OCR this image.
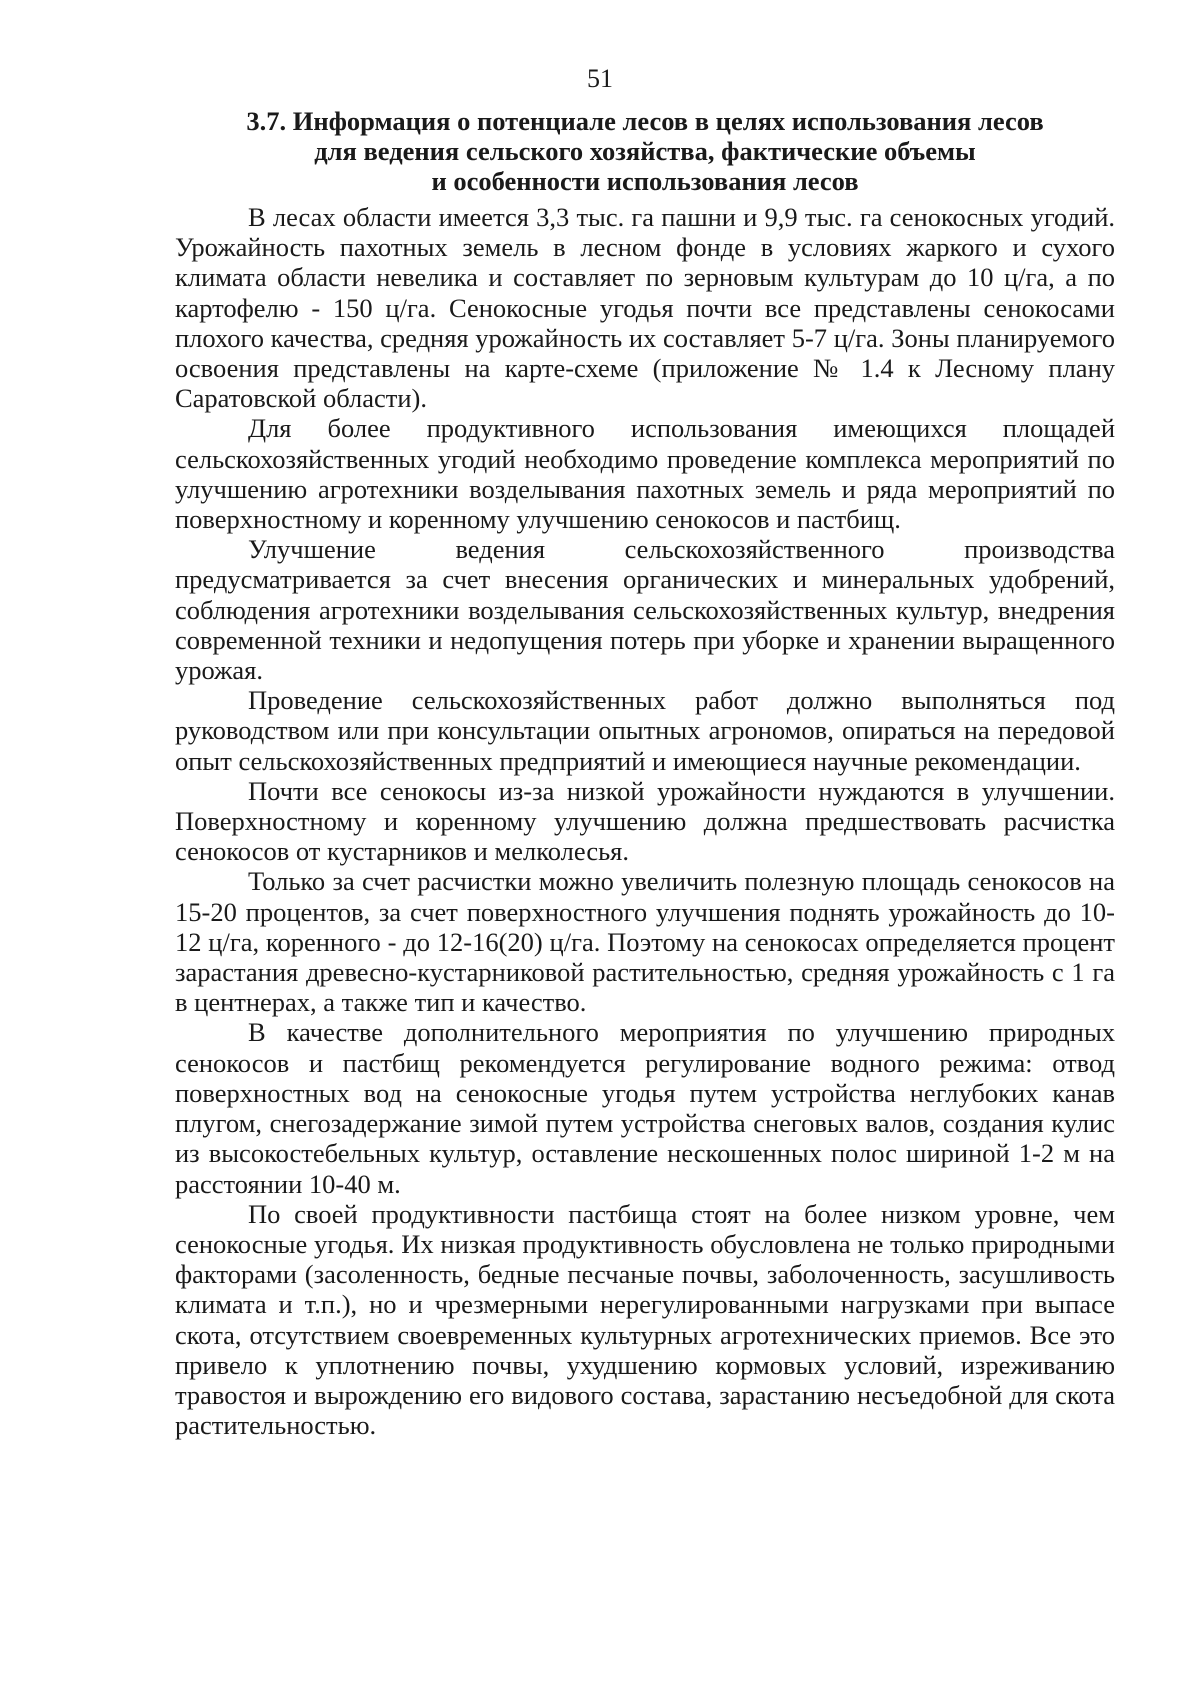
51
3.7. Информация о потенциале лесов в целях использования лесов
для ведения сельского хозяйства, фактические объемы
и особенности использования лесов

В лесах области имеется 3,3 тыс. га пашни и 9,9 тыс. га сенокосных угодий. Урожайность пахотных земель в лесном фонде в условиях жаркого и сухого климата области невелика и составляет по зерновым культурам до 10 ц/га, а по картофелю - 150 ц/га. Сенокосные угодья почти все представлены сенокосами плохого качества, средняя урожайность их составляет 5-7 ц/га. Зоны планируемого освоения представлены на карте-схеме (приложение № 1.4 к Лесному плану Саратовской области).

Для более продуктивного использования имеющихся площадей сельскохозяйственных угодий необходимо проведение комплекса мероприятий по улучшению агротехники возделывания пахотных земель и ряда мероприятий по поверхностному и коренному улучшению сенокосов и пастбищ.

Улучшение ведения сельскохозяйственного производства предусматривается за счет внесения органических и минеральных удобрений, соблюдения агротехники возделывания сельскохозяйственных культур, внедрения современной техники и недопущения потерь при уборке и хранении выращенного урожая.

Проведение сельскохозяйственных работ должно выполняться под руководством или при консультации опытных агрономов, опираться на передовой опыт сельскохозяйственных предприятий и имеющиеся научные рекомендации.

Почти все сенокосы из-за низкой урожайности нуждаются в улучшении. Поверхностному и коренному улучшению должна предшествовать расчистка сенокосов от кустарников и мелколесья.

Только за счет расчистки можно увеличить полезную площадь сенокосов на 15-20 процентов, за счет поверхностного улучшения поднять урожайность до 10-12 ц/га, коренного - до 12-16(20) ц/га. Поэтому на сенокосах определяется процент зарастания древесно-кустарниковой растительностью, средняя урожайность с 1 га в центнерах, а также тип и качество.

В качестве дополнительного мероприятия по улучшению природных сенокосов и пастбищ рекомендуется регулирование водного режима: отвод поверхностных вод на сенокосные угодья путем устройства неглубоких канав плугом, снегозадержание зимой путем устройства снеговых валов, создания кулис из высокостебельных культур, оставление нескошенных полос шириной 1-2 м на расстоянии 10-40 м.

По своей продуктивности пастбища стоят на более низком уровне, чем сенокосные угодья. Их низкая продуктивность обусловлена не только природными факторами (засоленность, бедные песчаные почвы, заболоченность, засушливость климата и т.п.), но и чрезмерными нерегулированными нагрузками при выпасе скота, отсутствием своевременных культурных агротехнических приемов. Все это привело к уплотнению почвы, ухудшению кормовых условий, изреживанию травостоя и вырождению его видового состава, зарастанию несъедобной для скота растительностью.
